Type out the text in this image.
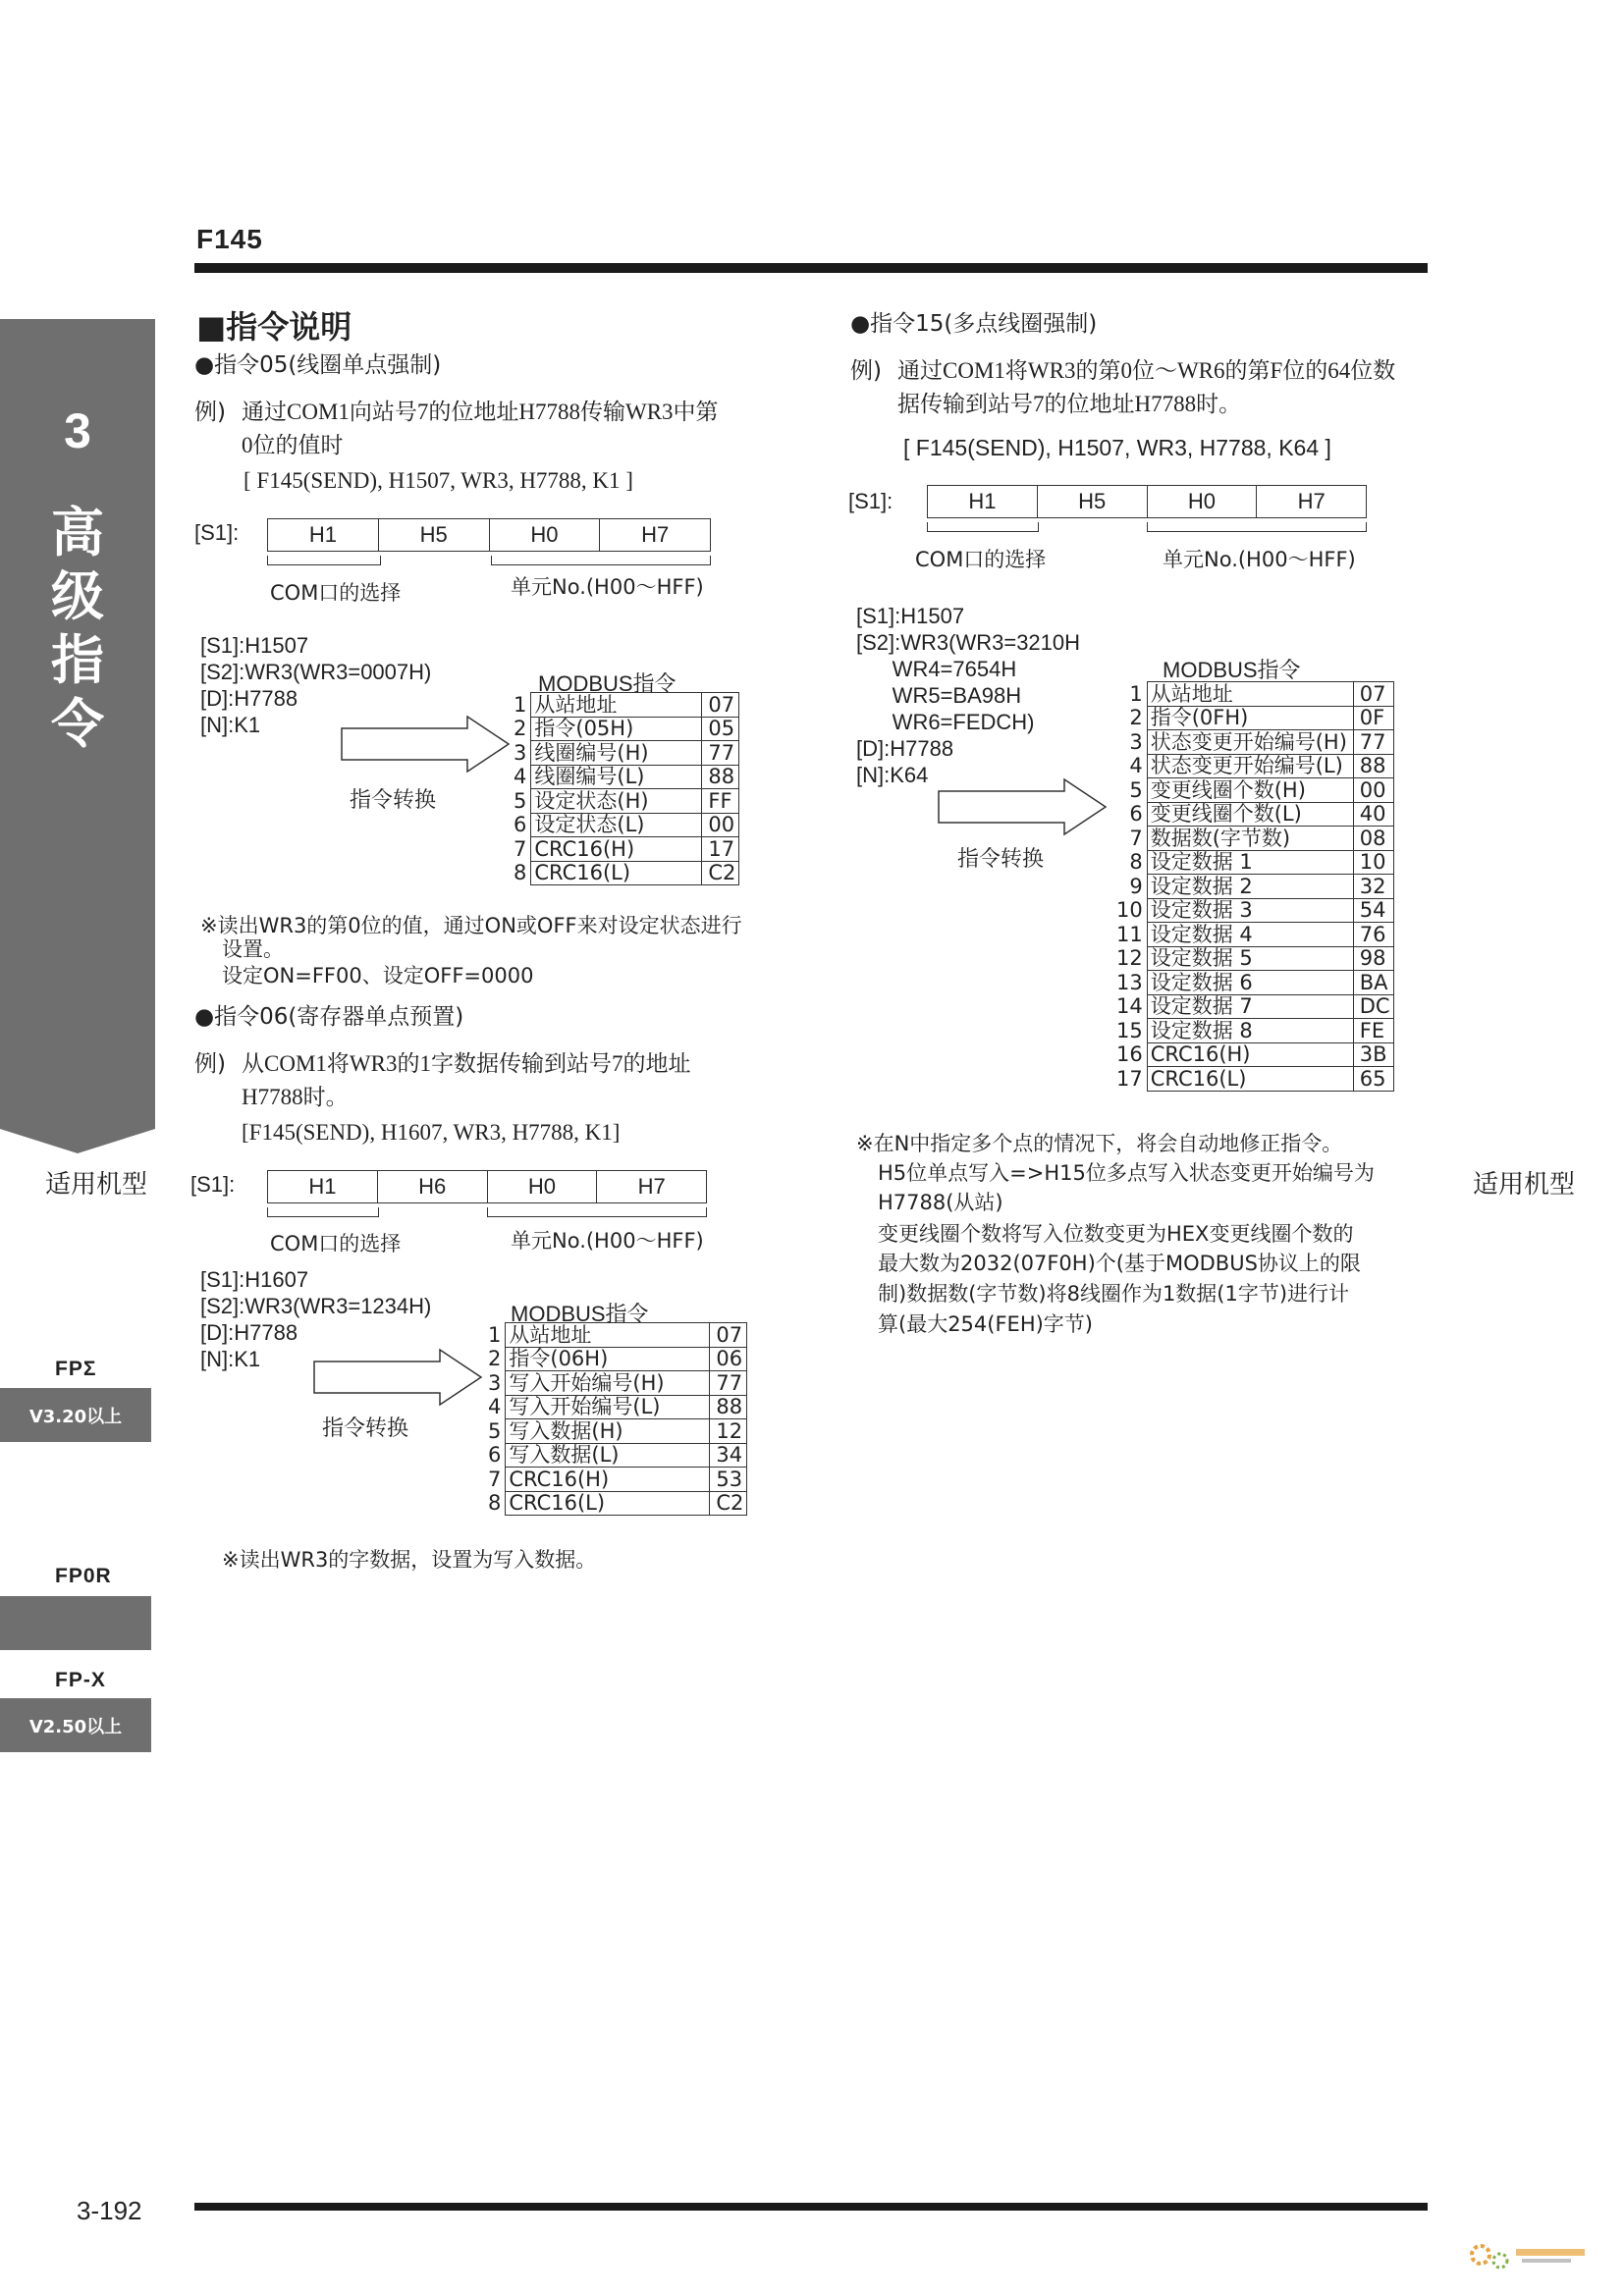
F145
3
高
级
指
令
适用机型	适用机型
FPΣ
V3.20以上
FP0R
FP-X
V2.50以上
■指令说明
●指令05(线圈单点强制)
例) 通过COM1向站号7的位地址H7788传输WR3中第
0位的值时
[ F145(SEND), H1507, WR3, H7788, K1 ]
[S1]:	H1	H5	H0	H7
COM口的选择	单元No.(H00～HFF)
[S1]:H1507
[S2]:WR3(WR3=0007H)
[D]:H7788
[N]:K1
指令转换
MODBUS指令
1	从站地址	07
2	指令(05H)	05
3	线圈编号(H)	77
4	线圈编号(L)	88
5	设定状态(H)	FF
6	设定状态(L)	00
7	CRC16(H)	17
8	CRC16(L)	C2
※读出WR3的第0位的值，通过ON或OFF来对设定状态进行
设置。
设定ON=FF00、设定OFF=0000
●指令06(寄存器单点预置)
例) 从COM1将WR3的1字数据传输到站号7的地址
H7788时。
[F145(SEND), H1607, WR3, H7788, K1]
[S1]:	H1	H6	H0	H7
COM口的选择	单元No.(H00～HFF)
[S1]:H1607
[S2]:WR3(WR3=1234H)
[D]:H7788
[N]:K1
指令转换
MODBUS指令
1	从站地址	07
2	指令(06H)	06
3	写入开始编号(H)	77
4	写入开始编号(L)	88
5	写入数据(H)	12
6	写入数据(L)	34
7	CRC16(H)	53
8	CRC16(L)	C2
※读出WR3的字数据，设置为写入数据。
●指令15(多点线圈强制)
例) 通过COM1将WR3的第0位～WR6的第F位的64位数
据传输到站号7的位地址H7788时。
[ F145(SEND), H1507, WR3, H7788, K64 ]
[S1]:	H1	H5	H0	H7
COM口的选择	单元No.(H00～HFF)
[S1]:H1507
[S2]:WR3(WR3=3210H
WR4=7654H
WR5=BA98H
WR6=FEDCH)
[D]:H7788
[N]:K64
指令转换
MODBUS指令
1	从站地址	07
2	指令(0FH)	0F
3	状态变更开始编号(H)	77
4	状态变更开始编号(L)	88
5	变更线圈个数(H)	00
6	变更线圈个数(L)	40
7	数据数(字节数)	08
8	设定数据 1	10
9	设定数据 2	32
10	设定数据 3	54
11	设定数据 4	76
12	设定数据 5	98
13	设定数据 6	BA
14	设定数据 7	DC
15	设定数据 8	FE
16	CRC16(H)	3B
17	CRC16(L)	65
※在N中指定多个点的情况下，将会自动地修正指令。
H5位单点写入=>H15位多点写入状态变更开始编号为
H7788(从站)
变更线圈个数将写入位数变更为HEX变更线圈个数的
最大数为2032(07F0H)个(基于MODBUS协议上的限
制)数据数(字节数)将8线圈作为1数据(1字节)进行计
算(最大254(FEH)字节)
3-192
